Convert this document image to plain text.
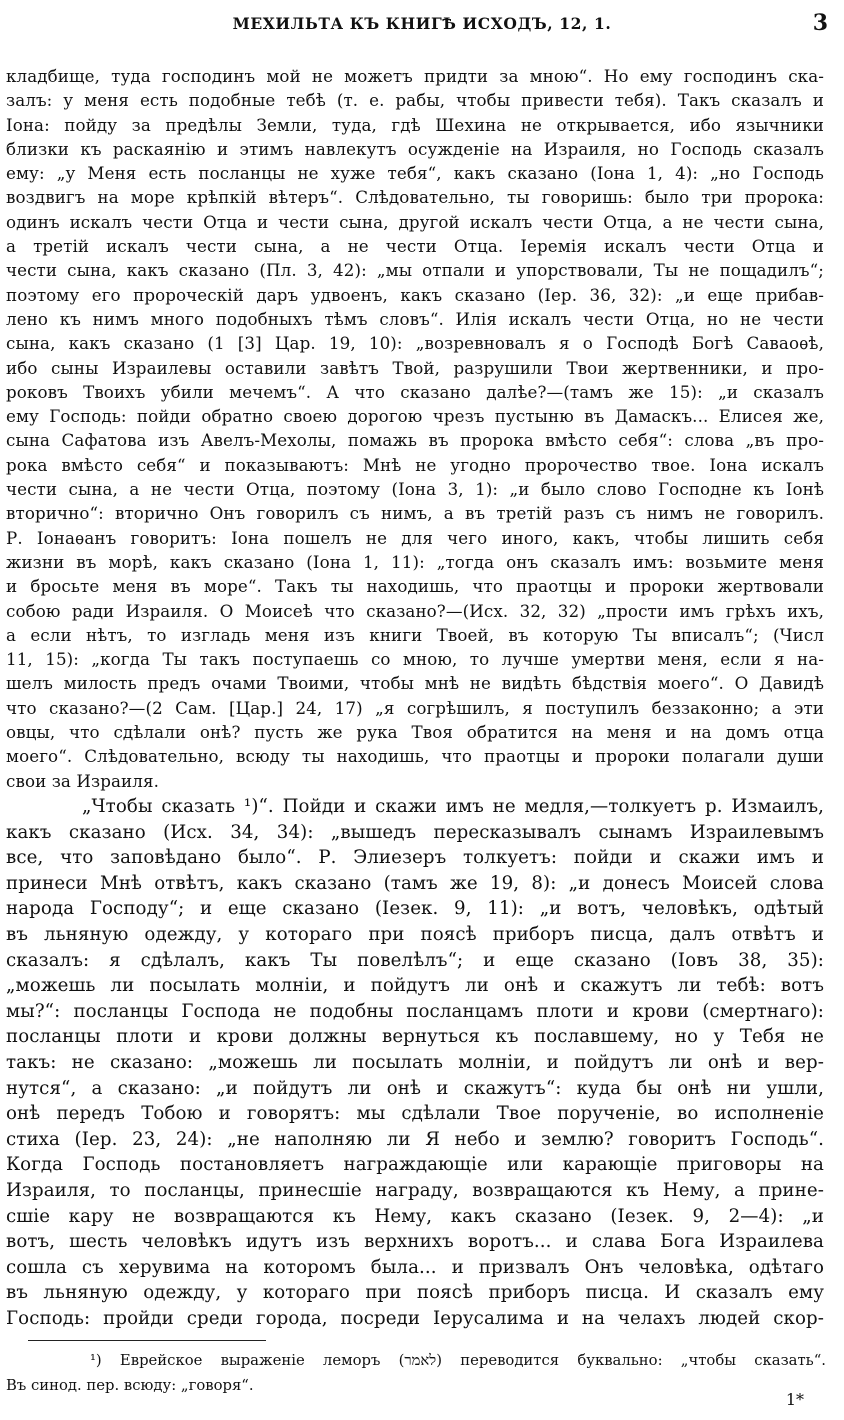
МЕХИЛЬТА КЪ КНИГѢ ИСХОДЪ, 12, 1.	3
кладбище, туда господинъ мой не можетъ придти за мною“. Но ему господинъ ска-
залъ: у меня есть подобные тебѣ (т. е. рабы, чтобы привести тебя). Такъ сказалъ и
Іона: пойду за предѣлы Земли, туда, гдѣ Шехина не открывается, ибо язычники
близки къ раскаянію и этимъ навлекутъ осужденіе на Израиля, но Господь сказалъ
ему: „у Меня есть посланцы не хуже тебя“, какъ сказано (Іона 1, 4): „но Господь
воздвигъ на море крѣпкій вѣтеръ“. Слѣдовательно, ты говоришь: было три пророка:
одинъ искалъ чести Отца и чести сына, другой искалъ чести Отца, а не чести сына,
а третій искалъ чести сына, а не чести Отца. Іеремія искалъ чести Отца и
чести сына, какъ сказано (Пл. 3, 42): „мы отпали и упорствовали, Ты не пощадилъ“;
поэтому его пророческій даръ удвоенъ, какъ сказано (Іер. 36, 32): „и еще прибав-
лено къ нимъ много подобныхъ тѣмъ словъ“. Илія искалъ чести Отца, но не чести
сына, какъ сказано (1 [3] Цар. 19, 10): „возревновалъ я о Господѣ Богѣ Саваоѳѣ,
ибо сыны Израилевы оставили завѣтъ Твой, разрушили Твои жертвенники, и про-
роковъ Твоихъ убили мечемъ“. А что сказано далѣе?—(тамъ же 15): „и сказалъ
ему Господь: пойди обратно своею дорогою чрезъ пустыню въ Дамаскъ... Елисея же,
сына Сафатова изъ Авелъ-Мехолы, помажь въ пророка вмѣсто себя“: слова „въ про-
рока вмѣсто себя“ и показываютъ: Мнѣ не угодно пророчество твое. Іона искалъ
чести сына, а не чести Отца, поэтому (Іона 3, 1): „и было слово Господне къ Іонѣ
вторично“: вторично Онъ говорилъ съ нимъ, а въ третій разъ съ нимъ не говорилъ.
Р. Іонаѳанъ говоритъ: Іона пошелъ не для чего иного, какъ, чтобы лишить себя
жизни въ морѣ, какъ сказано (Іона 1, 11): „тогда онъ сказалъ имъ: возьмите меня
и бросьте меня въ море“. Такъ ты находишь, что праотцы и пророки жертвовали
собою ради Израиля. О Моисеѣ что сказано?—(Исх. 32, 32) „прости имъ грѣхъ ихъ,
а если нѣтъ, то изгладь меня изъ книги Твоей, въ которую Ты вписалъ“; (Числ
11, 15): „когда Ты такъ поступаешь со мною, то лучше умертви меня, если я на-
шелъ милость предъ очами Твоими, чтобы мнѣ не видѣть бѣдствія моего“. О Давидѣ
что сказано?—(2 Сам. [Цар.] 24, 17) „я согрѣшилъ, я поступилъ беззаконно; а эти
овцы, что сдѣлали онѣ? пусть же рука Твоя обратится на меня и на домъ отца
моего“. Слѣдовательно, всюду ты находишь, что праотцы и пророки полагали души
свои за Израиля.
„Чтобы сказать ¹)“. Пойди и скажи имъ не медля,—толкуетъ р. Измаилъ,
какъ сказано (Исх. 34, 34): „вышедъ пересказывалъ сынамъ Израилевымъ
все, что заповѣдано было“. Р. Элиезеръ толкуетъ: пойди и скажи имъ и
принеси Мнѣ отвѣтъ, какъ сказано (тамъ же 19, 8): „и донесъ Моисей слова
народа Господу“; и еще сказано (Іезек. 9, 11): „и вотъ, человѣкъ, одѣтый
въ льняную одежду, у котораго при поясѣ приборъ писца, далъ отвѣтъ и
сказалъ: я сдѣлалъ, какъ Ты повелѣлъ“; и еще сказано (Іовъ 38, 35):
„можешь ли посылать молніи, и пойдутъ ли онѣ и скажутъ ли тебѣ: вотъ
мы?“: посланцы Господа не подобны посланцамъ плоти и крови (смертнаго):
посланцы плоти и крови должны вернуться къ пославшему, но у Тебя не
такъ: не сказано: „можешь ли посылать молніи, и пойдутъ ли онѣ и вер-
нутся“, а сказано: „и пойдутъ ли онѣ и скажутъ“: куда бы онѣ ни ушли,
онѣ передъ Тобою и говорятъ: мы сдѣлали Твое порученіе, во исполненіе
стиха (Іер. 23, 24): „не наполняю ли Я небо и землю? говоритъ Господь“.
Когда Господь постановляетъ награждающіе или карающіе приговоры на
Израиля, то посланцы, принесшіе награду, возвращаются къ Нему, а прине-
сшіе кару не возвращаются къ Нему, какъ сказано (Іезек. 9, 2—4): „и
вотъ, шесть человѣкъ идутъ изъ верхнихъ воротъ... и слава Бога Израилева
сошла съ херувима на которомъ была... и призвалъ Онъ человѣка, одѣтаго
въ льняную одежду, у котораго при поясѣ приборъ писца. И сказалъ ему
Господь: пройди среди города, посреди Іерусалима и на челахъ людей скор-
¹) Еврейское выраженіе леморъ (לאמר) переводится буквально: „чтобы сказать“.
Въ синод. пер. всюду: „говоря“.
1*
